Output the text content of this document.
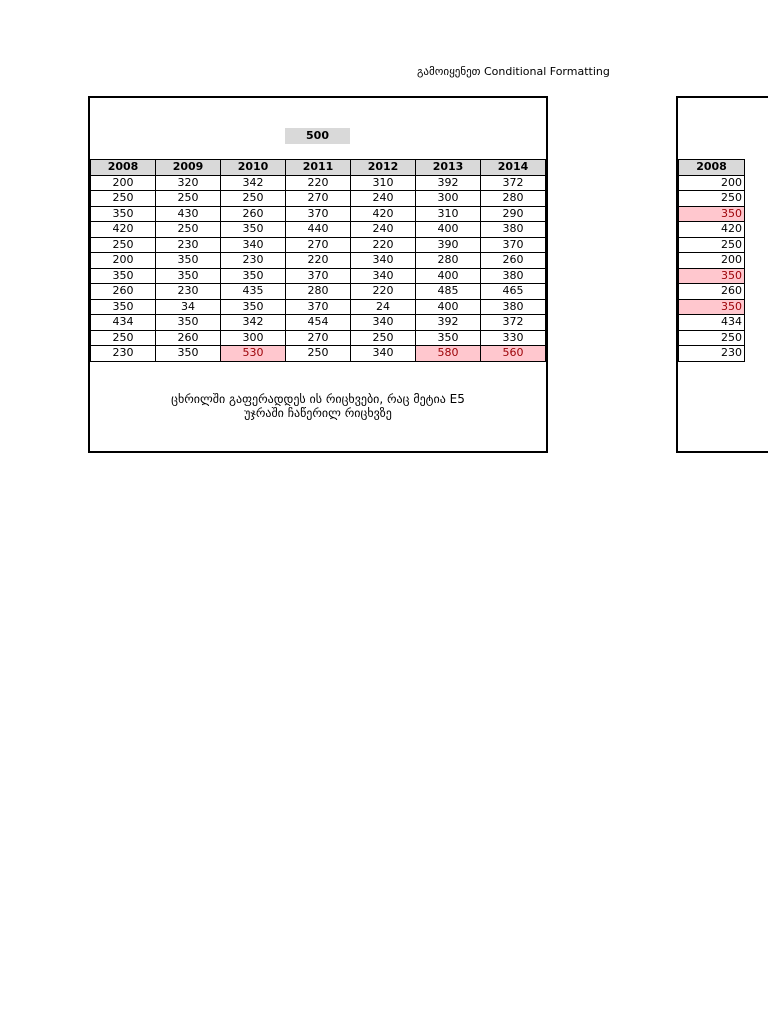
გამოიყენეთ Conditional Formatting
500
2008	2009	2010	2011	2012	2013	2014
200	320	342	220	310	392	372
250	250	250	270	240	300	280
350	430	260	370	420	310	290
420	250	350	440	240	400	380
250	230	340	270	220	390	370
200	350	230	220	340	280	260
350	350	350	370	340	400	380
260	230	435	280	220	485	465
350	34	350	370	24	400	380
434	350	342	454	340	392	372
250	260	300	270	250	350	330
230	350	530	250	340	580	560
ცხრილში გაფერადდეს ის რიცხვები, რაც მეტია E5
უჯრაში ჩაწერილ რიცხვზე
2008
200
250
350
420
250
200
350
260
350
434
250
230
